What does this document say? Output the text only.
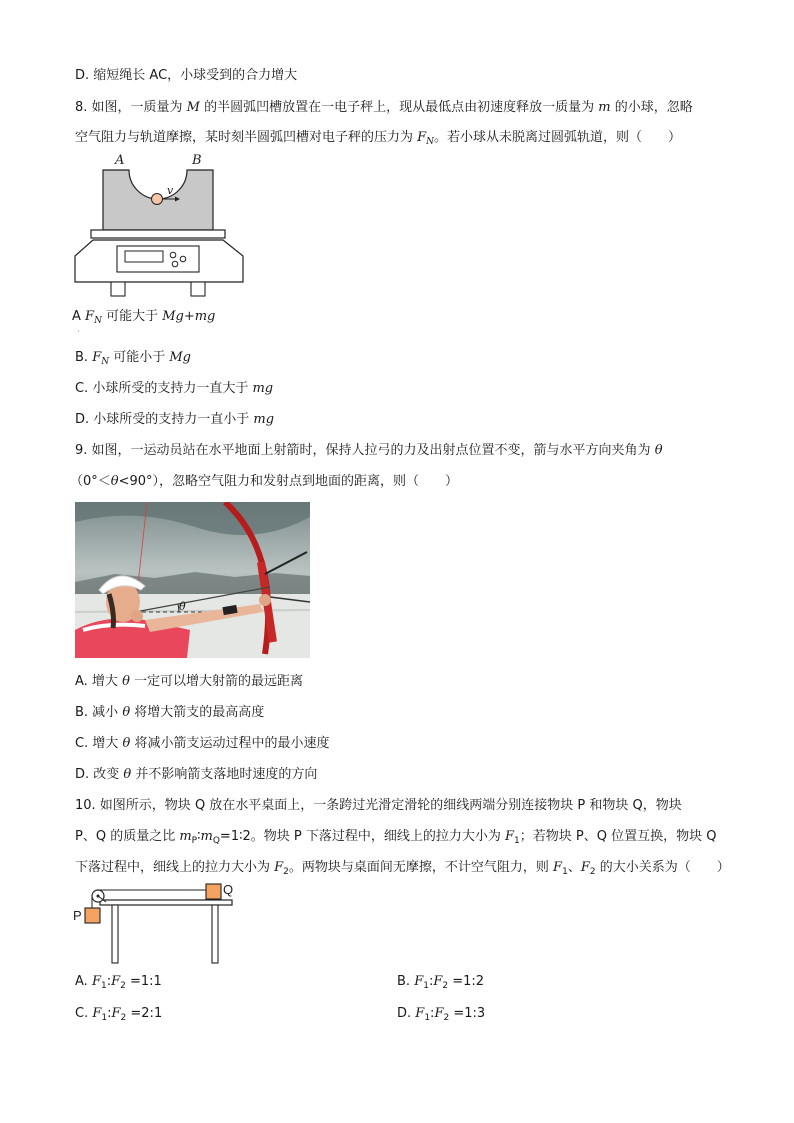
D. 缩短绳长 AC，小球受到的合力增大
8. 如图，一质量为 M 的半圆弧凹槽放置在一电子秤上，现从最低点由初速度释放一质量为 m 的小球，忽略
空气阻力与轨道摩擦，某时刻半圆弧凹槽对电子秤的压力为 $F_N$。若小球从未脱离过圆弧轨道，则（　　）
A	B
v
A $F_N$ 可能大于 Mg+mg
·
B. $F_N$ 可能小于 Mg
C. 小球所受的支持力一直大于 mg
D. 小球所受的支持力一直小于 mg
9. 如图，一运动员站在水平地面上射箭时，保持人拉弓的力及出射点位置不变，箭与水平方向夹角为 θ
（0°＜θ<90°），忽略空气阻力和发射点到地面的距离，则（　　）
θ
A. 增大 θ 一定可以增大射箭的最远距离
B. 减小 θ 将增大箭支的最高高度
C. 增大 θ 将减小箭支运动过程中的最小速度
D. 改变 θ 并不影响箭支落地时速度的方向
10. 如图所示，物块 Q 放在水平桌面上，一条跨过光滑定滑轮的细线两端分别连接物块 P 和物块 Q，物块
P、Q 的质量之比 $m_P∶m_Q=1∶2$。物块 P 下落过程中，细线上的拉力大小为 $F_1$；若物块 P、Q 位置互换，物块 Q
下落过程中，细线上的拉力大小为 $F_2$。两物块与桌面间无摩擦，不计空气阻力，则 $F_1$、$F_2$ 的大小关系为（　　）
Q
P
A. $F_1:F_2$ =1:1	B. $F_1:F_2$ =1:2
C. $F_1:F_2$ =2:1	D. $F_1:F_2$ =1:3
